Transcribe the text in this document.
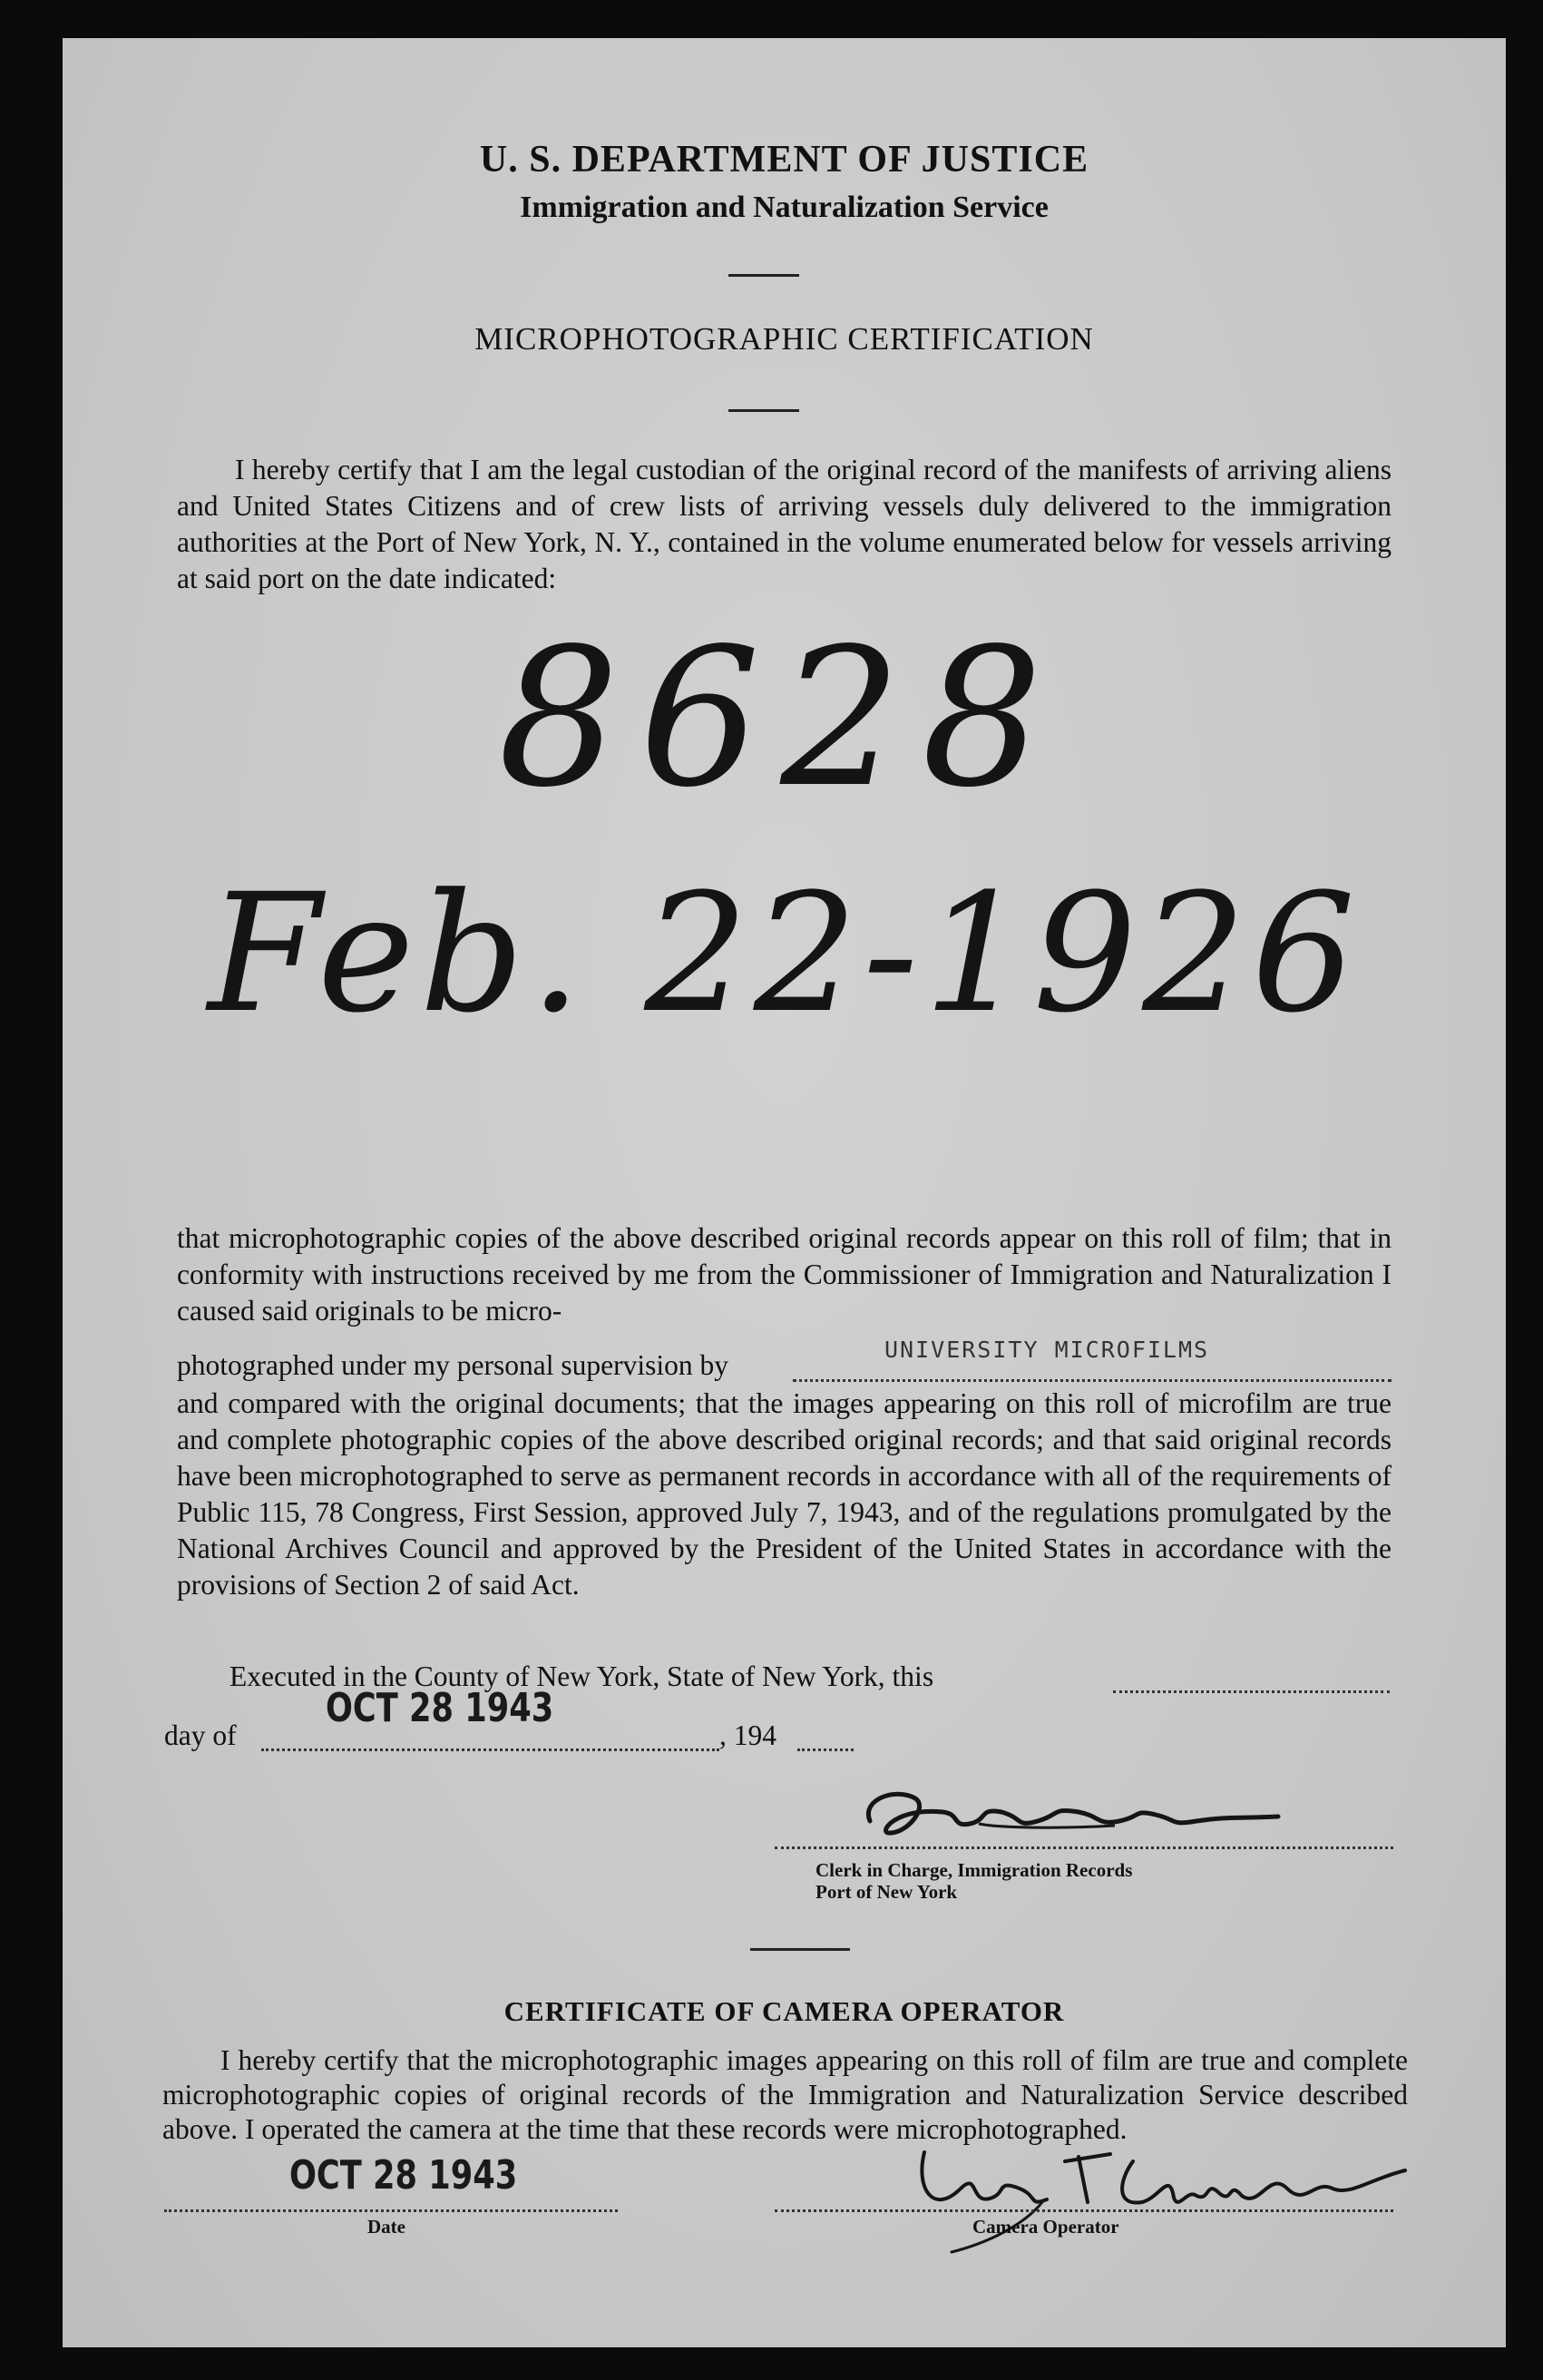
U. S. DEPARTMENT OF JUSTICE
Immigration and Naturalization Service
MICROPHOTOGRAPHIC CERTIFICATION
I hereby certify that I am the legal custodian of the original record of the manifests of arriving aliens and United States Citizens and of crew lists of arriving vessels duly delivered to the immigration authorities at the Port of New York, N. Y., contained in the volume enumerated below for vessels arriving at said port on the date indicated:
8628
Feb. 22-1926
that microphotographic copies of the above described original records appear on this roll of film; that in conformity with instructions received by me from the Commissioner of Immigration and Naturalization I caused said originals to be micro-
photographed under my personal supervision by	UNIVERSITY MICROFILMS
and compared with the original documents; that the images appearing on this roll of microfilm are true and complete photographic copies of the above described original records; and that said original records have been microphotographed to serve as permanent records in accordance with all of the requirements of Public 115, 78 Congress, First Session, approved July 7, 1943, and of the regulations promulgated by the National Archives Council and approved by the President of the United States in accordance with the provisions of Section 2 of said Act.
Executed in the County of New York, State of New York, this
day of	, 194
OCT 28 1943
Clerk in Charge, Immigration Records
Port of New York
CERTIFICATE OF CAMERA OPERATOR
I hereby certify that the microphotographic images appearing on this roll of film are true and complete microphotographic copies of original records of the Immigration and Naturalization Service described above. I operated the camera at the time that these records were microphotographed.
OCT 28 1943
Date	Camera Operator
